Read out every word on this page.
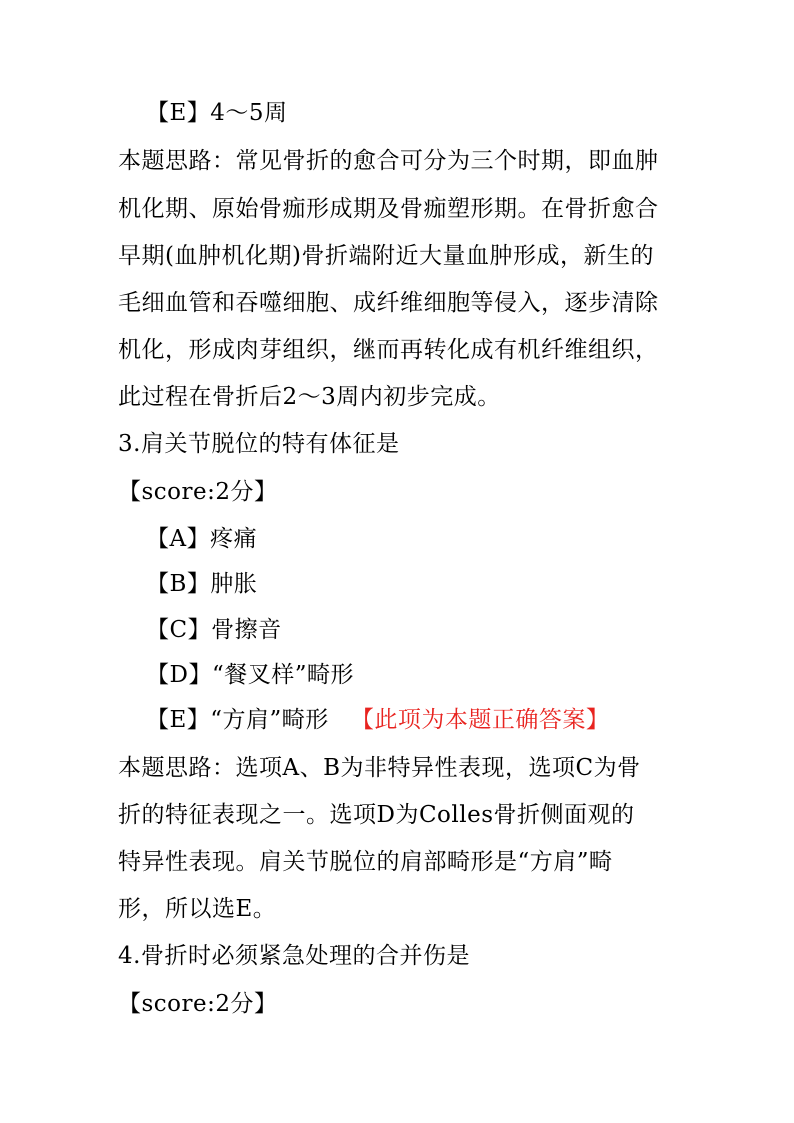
【E】4～5周
本题思路：常见骨折的愈合可分为三个时期，即血肿
机化期、原始骨痂形成期及骨痂塑形期。在骨折愈合
早期(血肿机化期)骨折端附近大量血肿形成，新生的
毛细血管和吞噬细胞、成纤维细胞等侵入，逐步清除
机化，形成肉芽组织，继而再转化成有机纤维组织，
此过程在骨折后2～3周内初步完成。
3.肩关节脱位的特有体征是
【score:2分】
【A】疼痛
【B】肿胀
【C】骨擦音
【D】“餐叉样”畸形
【E】“方肩”畸形 【此项为本题正确答案】
本题思路：选项A、B为非特异性表现，选项C为骨
折的特征表现之一。选项D为Colles骨折侧面观的
特异性表现。肩关节脱位的肩部畸形是“方肩”畸
形，所以选E。
4.骨折时必须紧急处理的合并伤是
【score:2分】
